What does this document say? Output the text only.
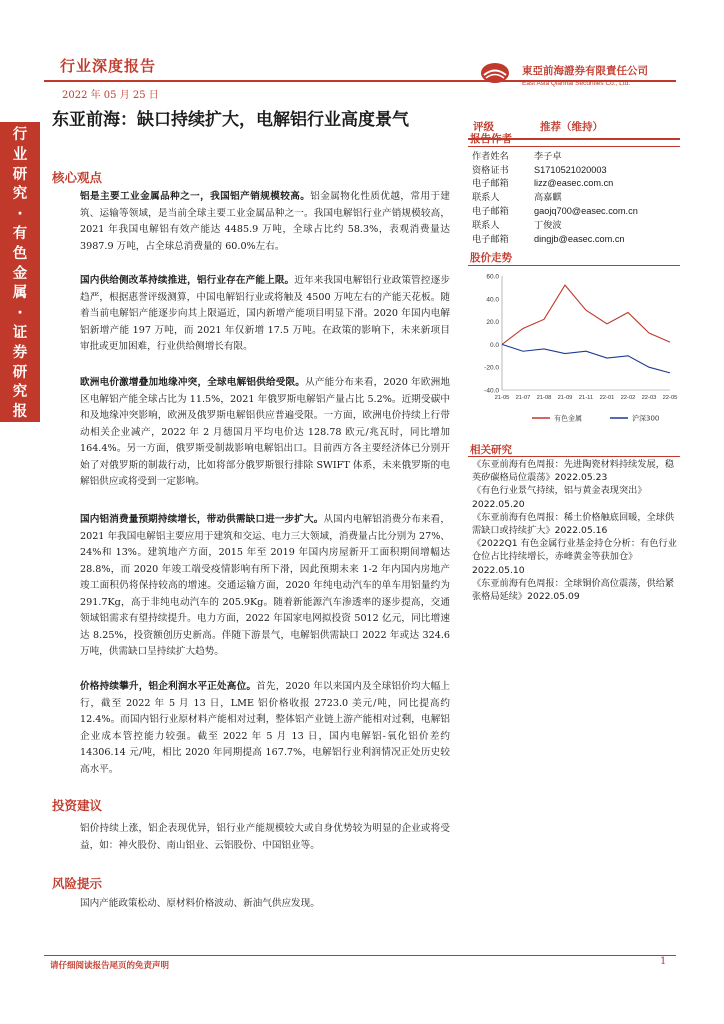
行业深度报告
2022 年 05 月 25 日
東亞前海證券有限責任公司
East Asia Qianhai Securities Co., Ltd.
行业研究·有色金属·证券研究报告
东亚前海：缺口持续扩大，电解铝行业高度景气
核心观点
铝是主要工业金属品种之一，我国铝产销规模较高。铝金属物化性质优越，常用于建筑、运输等领域，是当前全球主要工业金属品种之一。我国电解铝行业产销规模较高，2021 年我国电解铝有效产能达 4485.9 万吨，全球占比约 58.3%，表观消费量达 3987.9 万吨，占全球总消费量的 60.0%左右。
国内供给侧改革持续推进，铝行业存在产能上限。近年来我国电解铝行业政策管控逐步趋严，根据惠誉评级测算，中国电解铝行业或将触及 4500 万吨左右的产能天花板。随着当前电解铝产能逐步向其上限逼近，国内新增产能项目明显下滑。2020 年国内电解铝新增产能 197 万吨，而 2021 年仅新增 17.5 万吨。在政策的影响下，未来新项目审批或更加困难，行业供给侧增长有限。
欧洲电价激增叠加地缘冲突，全球电解铝供给受限。从产能分布来看，2020 年欧洲地区电解铝产能全球占比为 11.5%，2021 年俄罗斯电解铝产量占比 5.2%。近期受碳中和及地缘冲突影响，欧洲及俄罗斯电解铝供应普遍受限。一方面，欧洲电价持续上行带动相关企业减产，2022 年 2 月德国月平均电价达 128.78 欧元/兆瓦时，同比增加 164.4%。另一方面，俄罗斯受制裁影响电解铝出口。目前西方各主要经济体已分别开始了对俄罗斯的制裁行动，比如将部分俄罗斯银行排除 SWIFT 体系，未来俄罗斯的电解铝供应或将受到一定影响。
国内铝消费量预期持续增长，带动供需缺口进一步扩大。从国内电解铝消费分布来看，2021 年我国电解铝主要应用于建筑和交运、电力三大领域，消费量占比分别为 27%、24%和 13%。建筑地产方面，2015 年至 2019 年国内房屋新开工面积期间增幅达 28.8%，而 2020 年竣工端受疫情影响有所下滑，因此预期未来 1-2 年内国内房地产竣工面积仍将保持较高的增速。交通运输方面，2020 年纯电动汽车的单车用铝量约为 291.7Kg，高于非纯电动汽车的 205.9Kg。随着新能源汽车渗透率的逐步提高，交通领域铝需求有望持续提升。电力方面，2022 年国家电网拟投资 5012 亿元，同比增速达 8.25%，投资额创历史新高。伴随下游景气，电解铝供需缺口 2022 年或达 324.6 万吨，供需缺口呈持续扩大趋势。
价格持续攀升，铝企利润水平正处高位。首先，2020 年以来国内及全球铝价均大幅上行，截至 2022 年 5 月 13 日，LME 铝价格收报 2723.0 美元/吨，同比提高约 12.4%。而国内铝行业原材料产能相对过剩，整体铝产业链上游产能相对过剩，电解铝企业成本管控能力较强。截至 2022 年 5 月 13 日，国内电解铝-氧化铝价差约 14306.14 元/吨，相比 2020 年同期提高 167.7%，电解铝行业利润情况正处历史较高水平。
投资建议
铝价持续上涨，铝企表现优异，铝行业产能规模较大或自身优势较为明显的企业或将受益，如：神火股份、南山铝业、云铝股份、中国铝业等。
风险提示
国内产能政策松动、原材料价格波动、新油气供应发现。
评级	推荐（维持）
报告作者
作者姓名	李子卓
资格证书	S1710521020003
电子邮箱	lizz@easec.com.cn
联系人	高嘉麒
电子邮箱	gaojq700@easec.com.cn
联系人	丁俊波
电子邮箱	dingjb@easec.com.cn
股价走势
60.0
40.0
20.0
0.0
-20.0
-40.0
21-05 21-07 21-08 21-09 21-11 22-01 22-02 22-03 22-05
有色金属	沪深300
相关研究
《东亚前海有色周报：先进陶瓷材料持续发展，稳英矽碳格局位震荡》2022.05.23
《有色行业景气持续，铝与黄金表现突出》2022.05.20
《东亚前海有色周报：稀土价格触底回暖，全球供需缺口或持续扩大》2022.05.16
《2022Q1 有色金属行业基金持仓分析：有色行业仓位占比持续增长，赤峰黄金等获加仓》2022.05.10
《东亚前海有色周报：全球铜价高位震荡，供给紧张格局延续》2022.05.09
请仔细阅读报告尾页的免责声明	1
